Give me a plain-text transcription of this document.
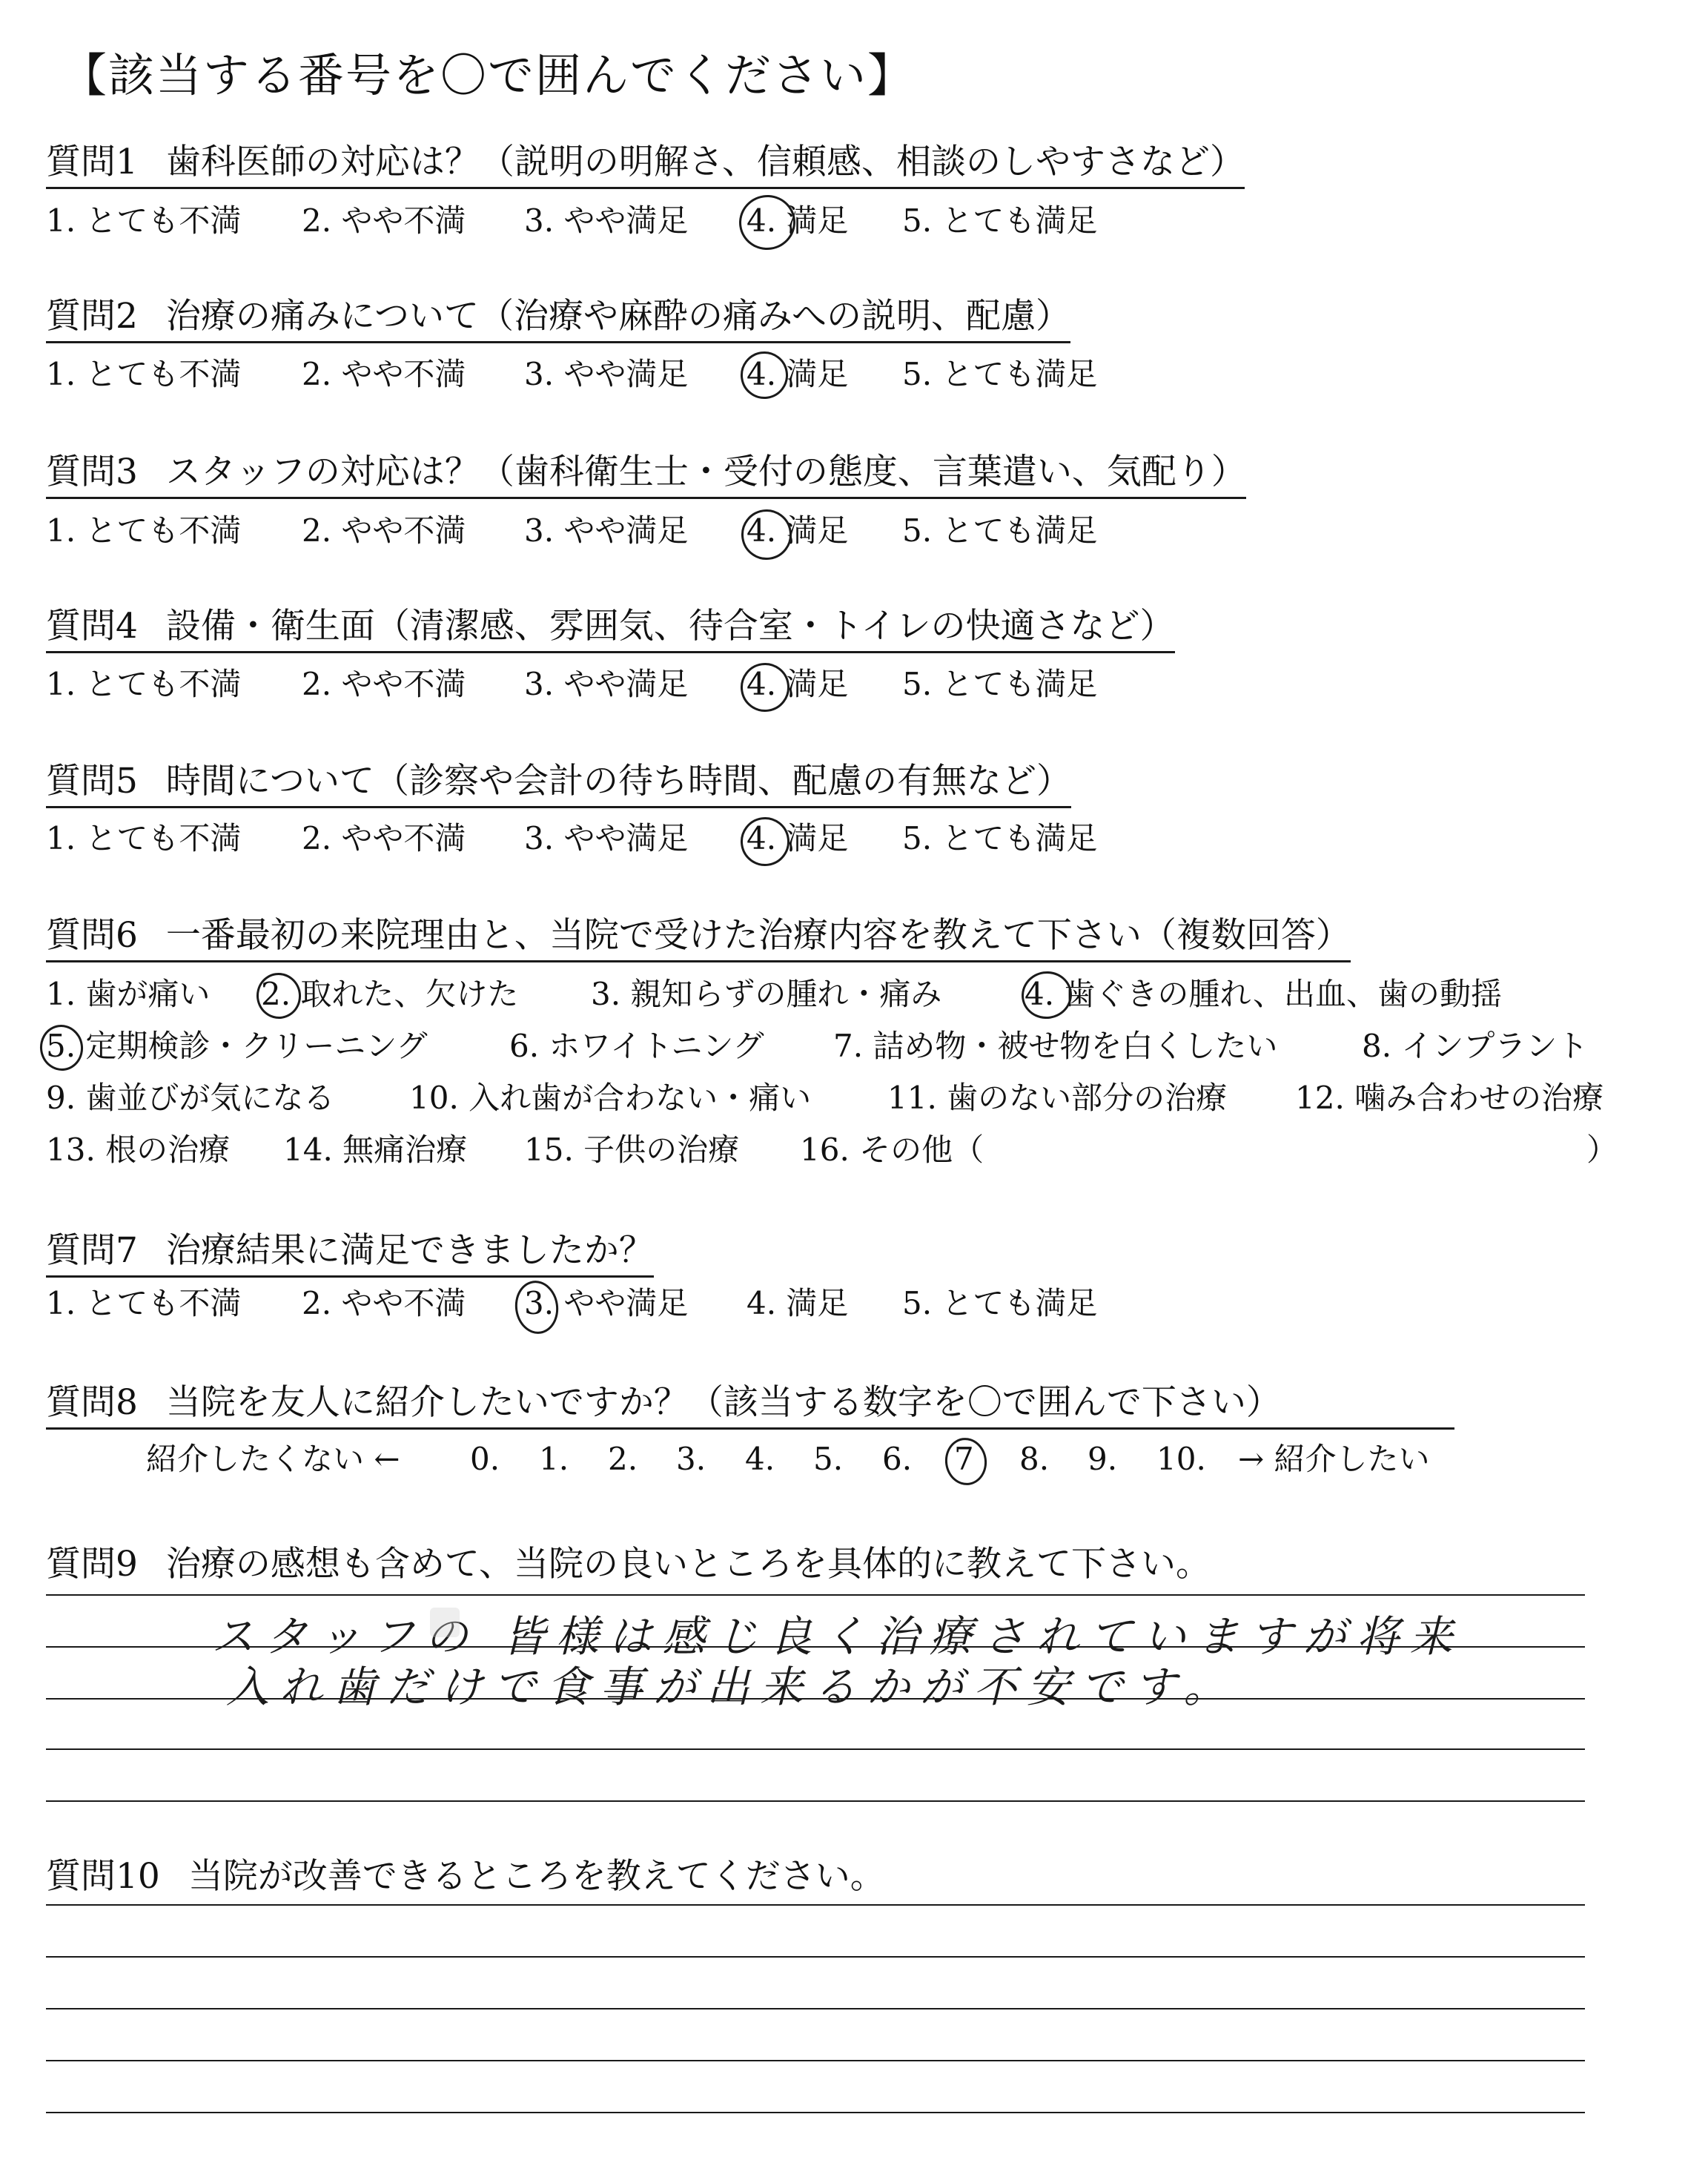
【該当する番号を〇で囲んでください】
質問1 歯科医師の対応は？（説明の明解さ、信頼感、相談のしやすさなど）
1. とても不満 2. やや不満 3. やや満足 4. 満足 5. とても満足
質問2 治療の痛みについて（治療や麻酔の痛みへの説明、配慮）
1. とても不満 2. やや不満 3. やや満足 4. 満足 5. とても満足
質問3 スタッフの対応は？（歯科衛生士・受付の態度、言葉遣い、気配り）
1. とても不満 2. やや不満 3. やや満足 4. 満足 5. とても満足
質問4 設備・衛生面（清潔感、雰囲気、待合室・トイレの快適さなど）
1. とても不満 2. やや不満 3. やや満足 4. 満足 5. とても満足
質問5 時間について（診察や会計の待ち時間、配慮の有無など）
1. とても不満 2. やや不満 3. やや満足 4. 満足 5. とても満足
質問6 一番最初の来院理由と、当院で受けた治療内容を教えて下さい（複数回答）
1. 歯が痛い 2. 取れた、欠けた 3. 親知らずの腫れ・痛み	4. 歯ぐきの腫れ、出血、歯の動揺
5. 定期検診・クリーニング	6. ホワイトニング 7. 詰め物・被せ物を白くしたい	8. インプラント
9. 歯並びが気になる 10. 入れ歯が合わない・痛い 11. 歯のない部分の治療 12. 噛み合わせの治療
13. 根の治療 14. 無痛治療 15. 子供の治療 16. その他（	）
質問7 治療結果に満足できましたか？
1. とても不満 2. やや不満 3. やや満足 4. 満足 5. とても満足
質問8 当院を友人に紹介したいですか？（該当する数字を〇で囲んで下さい）
紹介したくない ← 0. 1. 2. 3. 4. 5. 6. 7 8. 9. 10. → 紹介したい
質問9 治療の感想も含めて、当院の良いところを具体的に教えて下さい。
スタッフの 皆様は感じ良く治療されていますが将来
入れ歯だけで食事が出来るかが不安です。
質問10 当院が改善できるところを教えてください。
